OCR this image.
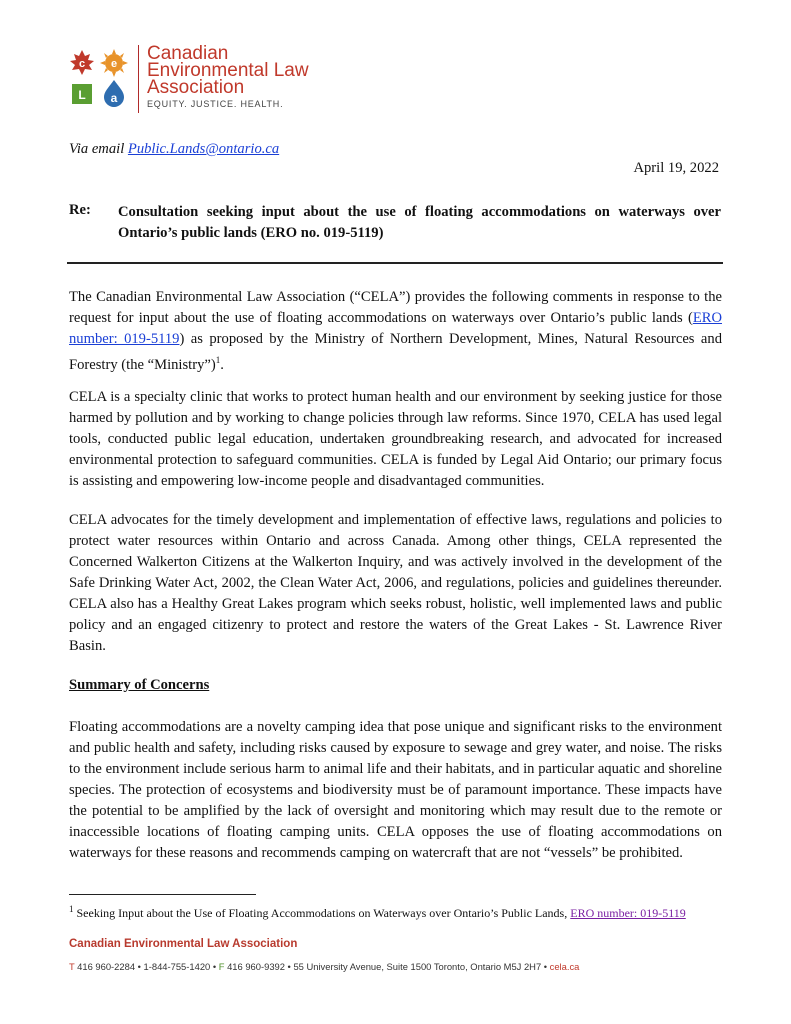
c e
L a
Canadian
Environmental Law
Association
EQUITY. JUSTICE. HEALTH.
Via email Public.Lands@ontario.ca
April 19, 2022
Re: Consultation seeking input about the use of floating accommodations on waterways over Ontario’s public lands (ERO no. 019-5119)
The Canadian Environmental Law Association (“CELA”) provides the following comments in response to the request for input about the use of floating accommodations on waterways over Ontario’s public lands (ERO number: 019-5119) as proposed by the Ministry of Northern Development, Mines, Natural Resources and Forestry (the “Ministry”)$^1$.
CELA is a specialty clinic that works to protect human health and our environment by seeking justice for those harmed by pollution and by working to change policies through law reforms. Since 1970, CELA has used legal tools, conducted public legal education, undertaken groundbreaking research, and advocated for increased environmental protection to safeguard communities. CELA is funded by Legal Aid Ontario; our primary focus is assisting and empowering low-income people and disadvantaged communities.
CELA advocates for the timely development and implementation of effective laws, regulations and policies to protect water resources within Ontario and across Canada. Among other things, CELA represented the Concerned Walkerton Citizens at the Walkerton Inquiry, and was actively involved in the development of the Safe Drinking Water Act, 2002, the Clean Water Act, 2006, and regulations, policies and guidelines thereunder. CELA also has a Healthy Great Lakes program which seeks robust, holistic, well implemented laws and public policy and an engaged citizenry to protect and restore the waters of the Great Lakes - St. Lawrence River Basin.
Summary of Concerns
Floating accommodations are a novelty camping idea that pose unique and significant risks to the environment and public health and safety, including risks caused by exposure to sewage and grey water, and noise. The risks to the environment include serious harm to animal life and their habitats, and in particular aquatic and shoreline species. The protection of ecosystems and biodiversity must be of paramount importance. These impacts have the potential to be amplified by the lack of oversight and monitoring which may result due to the remote or inaccessible locations of floating camping units. CELA opposes the use of floating accommodations on waterways for these reasons and recommends camping on watercraft that are not “vessels” be prohibited.
$^1$ Seeking Input about the Use of Floating Accommodations on Waterways over Ontario’s Public Lands, ERO number: 019-5119
Canadian Environmental Law Association
T 416 960-2284 • 1-844-755-1420 • F 416 960-9392 • 55 University Avenue, Suite 1500 Toronto, Ontario M5J 2H7 • cela.ca
